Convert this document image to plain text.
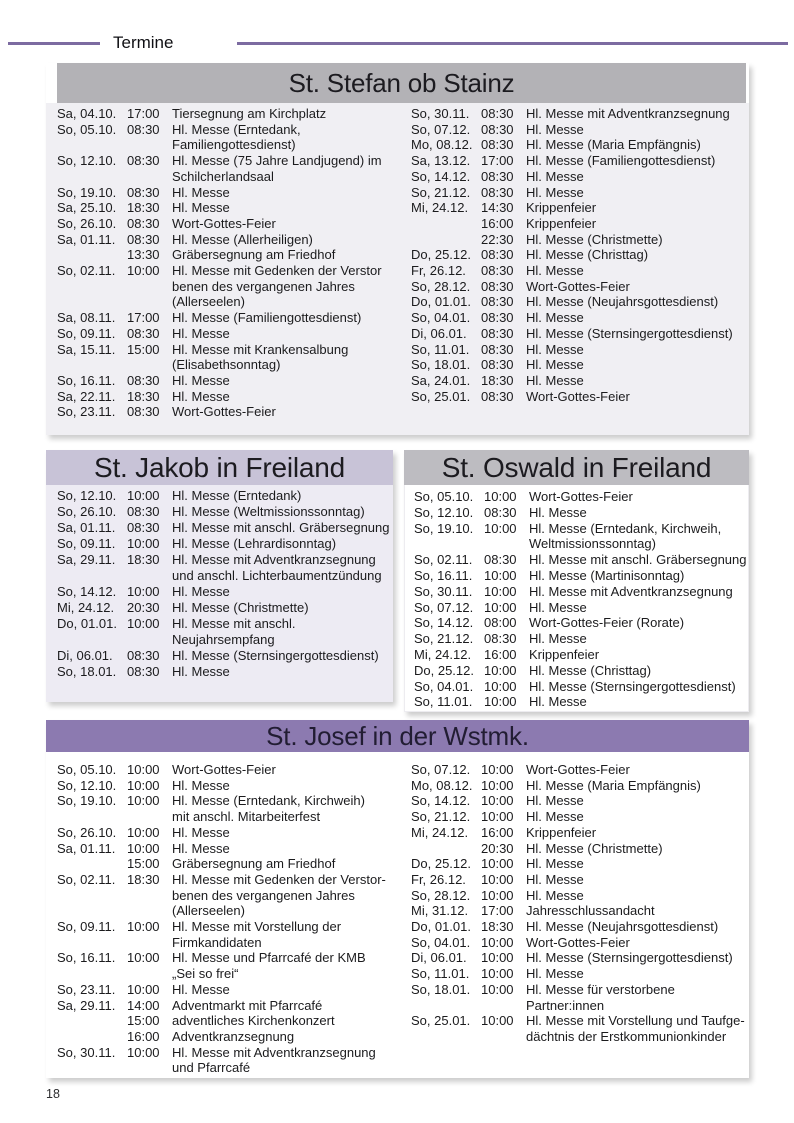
Termine
St. Stefan ob Stainz
Sa, 04.10. 17:00 Tiersegnung am Kirchplatz
So, 05.10. 08:30 Hl. Messe (Erntedank,
Familiengottesdienst)
So, 12.10. 08:30 Hl. Messe (75 Jahre Landjugend) im
Schilcherlandsaal
So, 19.10. 08:30 Hl. Messe
Sa, 25.10. 18:30 Hl. Messe
So, 26.10. 08:30 Wort-Gottes-Feier
Sa, 01.11. 08:30 Hl. Messe (Allerheiligen)
13:30 Gräbersegnung am Friedhof
So, 02.11. 10:00 Hl. Messe mit Gedenken der Verstor
benen des vergangenen Jahres
(Allerseelen)
Sa, 08.11. 17:00 Hl. Messe (Familiengottesdienst)
So, 09.11. 08:30 Hl. Messe
Sa, 15.11. 15:00 Hl. Messe mit Krankensalbung
(Elisabethsonntag)
So, 16.11. 08:30 Hl. Messe
Sa, 22.11. 18:30 Hl. Messe
So, 23.11. 08:30 Wort-Gottes-Feier
So, 30.11. 08:30 Hl. Messe mit Adventkranzsegnung
So, 07.12. 08:30 Hl. Messe
Mo, 08.12. 08:30 Hl. Messe (Maria Empfängnis)
Sa, 13.12. 17:00 Hl. Messe (Familiengottesdienst)
So, 14.12. 08:30 Hl. Messe
So, 21.12. 08:30 Hl. Messe
Mi, 24.12. 14:30 Krippenfeier
16:00 Krippenfeier
22:30 Hl. Messe (Christmette)
Do, 25.12. 08:30 Hl. Messe (Christtag)
Fr, 26.12.	08:30 Hl. Messe
So, 28.12. 08:30 Wort-Gottes-Feier
Do, 01.01. 08:30 Hl. Messe (Neujahrsgottesdienst)
So, 04.01. 08:30 Hl. Messe
Di, 06.01.	08:30 Hl. Messe (Sternsingergottesdienst)
So, 11.01. 08:30 Hl. Messe
So, 18.01. 08:30 Hl. Messe
Sa, 24.01. 18:30 Hl. Messe
So, 25.01. 08:30 Wort-Gottes-Feier
St. Jakob in Freiland
So, 12.10. 10:00 Hl. Messe (Erntedank)
So, 26.10. 08:30 Hl. Messe (Weltmissionssonntag)
Sa, 01.11. 08:30 Hl. Messe mit anschl. Gräbersegnung
So, 09.11. 10:00 Hl. Messe (Lehrardisonntag)
Sa, 29.11. 18:30 Hl. Messe mit Adventkranzsegnung
und anschl. Lichterbaumentzündung
So, 14.12. 10:00 Hl. Messe
Mi, 24.12. 20:30 Hl. Messe (Christmette)
Do, 01.01. 10:00 Hl. Messe mit anschl.
Neujahrsempfang
Di, 06.01.	08:30 Hl. Messe (Sternsingergottesdienst)
So, 18.01. 08:30 Hl. Messe
St. Oswald in Freiland
So, 05.10. 10:00 Wort-Gottes-Feier
So, 12.10. 08:30 Hl. Messe
So, 19.10. 10:00 Hl. Messe (Erntedank, Kirchweih,
Weltmissionssonntag)
So, 02.11. 08:30 Hl. Messe mit anschl. Gräbersegnung
So, 16.11. 10:00 Hl. Messe (Martinisonntag)
So, 30.11. 10:00 Hl. Messe mit Adventkranzsegnung
So, 07.12. 10:00 Hl. Messe
So, 14.12. 08:00 Wort-Gottes-Feier (Rorate)
So, 21.12. 08:30 Hl. Messe
Mi, 24.12. 16:00 Krippenfeier
Do, 25.12. 10:00 Hl. Messe (Christtag)
So, 04.01. 10:00 Hl. Messe (Sternsingergottesdienst)
So, 11.01. 10:00 Hl. Messe
St. Josef in der Wstmk.
So, 05.10. 10:00 Wort-Gottes-Feier
So, 12.10. 10:00 Hl. Messe
So, 19.10. 10:00 Hl. Messe (Erntedank, Kirchweih)
mit anschl. Mitarbeiterfest
So, 26.10. 10:00 Hl. Messe
Sa, 01.11. 10:00 Hl. Messe
15:00 Gräbersegnung am Friedhof
So, 02.11. 18:30 Hl. Messe mit Gedenken der Verstor-
benen des vergangenen Jahres
(Allerseelen)
So, 09.11. 10:00 Hl. Messe mit Vorstellung der
Firmkandidaten
So, 16.11. 10:00 Hl. Messe und Pfarrcafé der KMB
„Sei so frei“
So, 23.11. 10:00 Hl. Messe
Sa, 29.11. 14:00 Adventmarkt mit Pfarrcafé
15:00 adventliches Kirchenkonzert
16:00 Adventkranzsegnung
So, 30.11. 10:00 Hl. Messe mit Adventkranzsegnung
und Pfarrcafé
So, 07.12. 10:00 Wort-Gottes-Feier
Mo, 08.12. 10:00 Hl. Messe (Maria Empfängnis)
So, 14.12. 10:00 Hl. Messe
So, 21.12. 10:00 Hl. Messe
Mi, 24.12. 16:00 Krippenfeier
20:30 Hl. Messe (Christmette)
Do, 25.12. 10:00 Hl. Messe
Fr, 26.12.	10:00 Hl. Messe
So, 28.12. 10:00 Hl. Messe
Mi, 31.12. 17:00 Jahresschlussandacht
Do, 01.01. 18:30 Hl. Messe (Neujahrsgottesdienst)
So, 04.01. 10:00 Wort-Gottes-Feier
Di, 06.01.	10:00 Hl. Messe (Sternsingergottesdienst)
So, 11.01. 10:00 Hl. Messe
So, 18.01. 10:00 Hl. Messe für verstorbene
Partner:innen
So, 25.01. 10:00 Hl. Messe mit Vorstellung und Taufge-
dächtnis der Erstkommunionkinder
18
